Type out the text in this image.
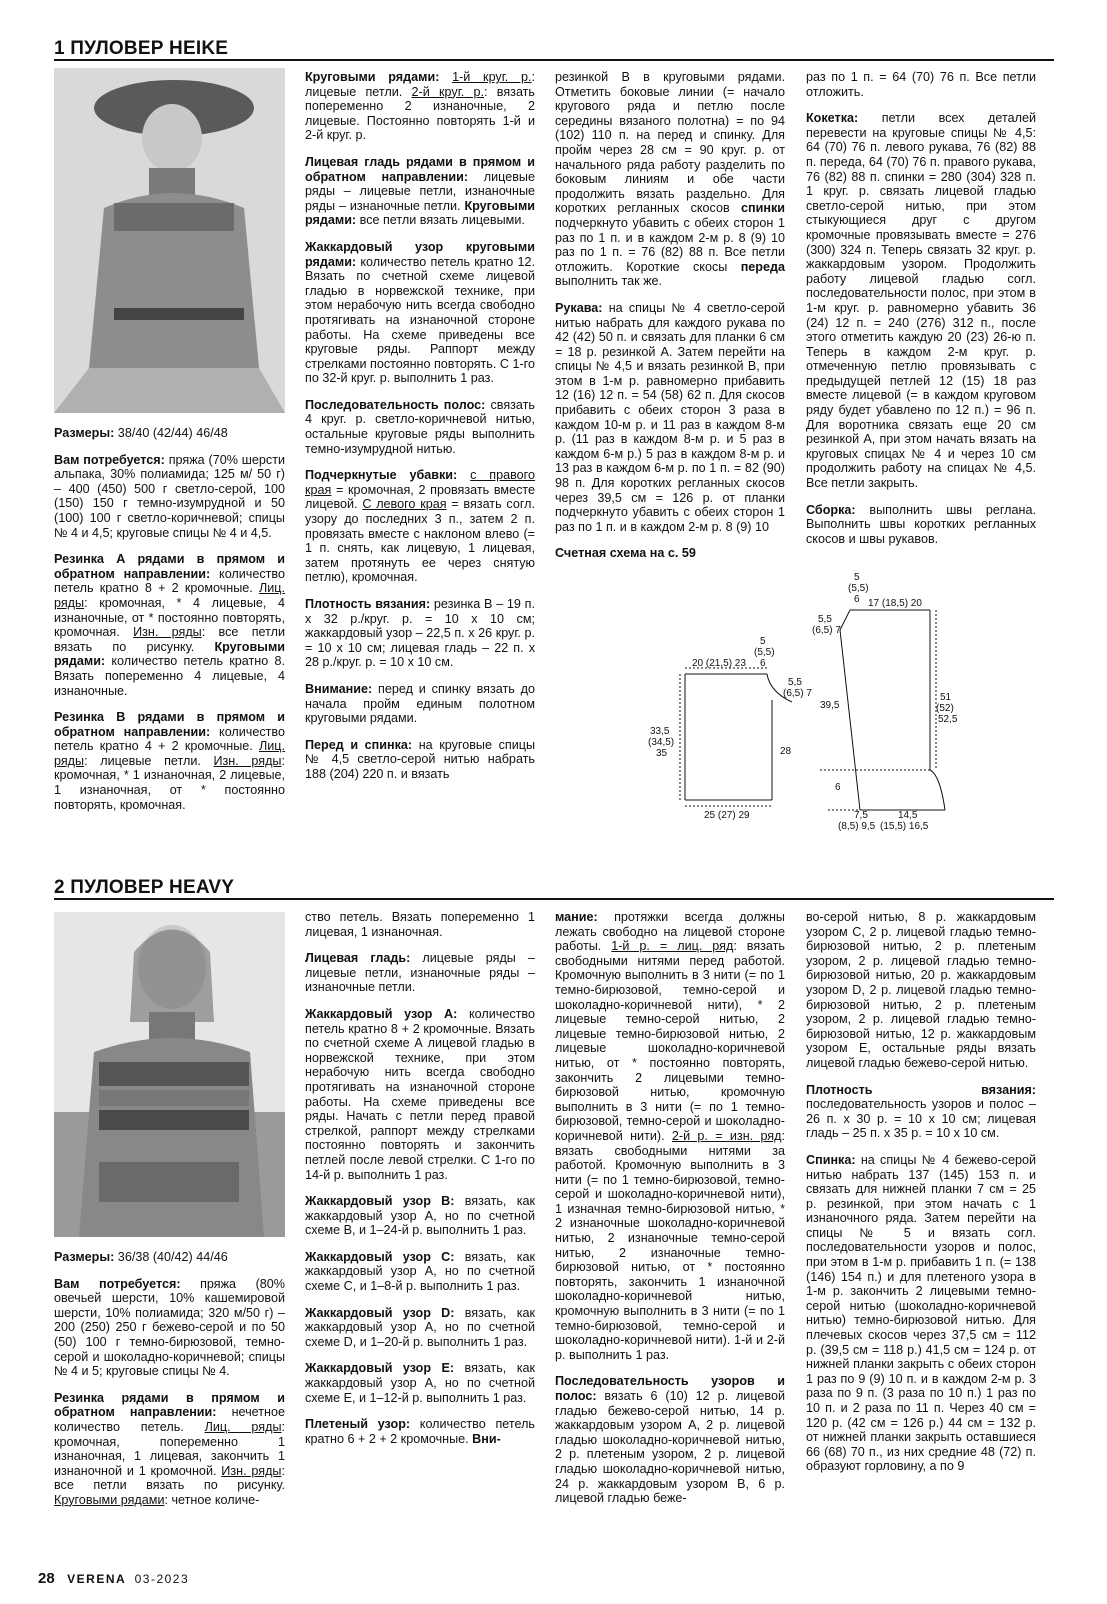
1 ПУЛОВЕР HEIKE

Размеры: 38/40 (42/44) 46/48

Вам потребуется: пряжа (70% шерсти альпака, 30% полиамида; 125 м/ 50 г) – 400 (450) 500 г светло-серой, 100 (150) 150 г темно-изумрудной и 50 (100) 100 г светло-коричневой; спицы № 4 и 4,5; круговые спицы № 4 и 4,5.

Резинка А рядами в прямом и обратном направлении: количество петель кратно 8 + 2 кромочные. Лиц. ряды: кромочная, * 4 лицевые, 4 изнаночные, от * постоянно повторять, кромочная. Изн. ряды: все петли вязать по рисунку. Круговыми рядами: количество петель кратно 8. Вязать попеременно 4 лицевые, 4 изнаночные.

Резинка В рядами в прямом и обратном направлении: количество петель кратно 4 + 2 кромочные. Лиц. ряды: лицевые петли. Изн. ряды: кромочная, * 1 изнаночная, 2 лицевые, 1 изнаночная, от * постоянно повторять, кромочная.

Круговыми рядами: 1-й круг. р.: лицевые петли. 2-й круг. р.: вязать попеременно 2 изнаночные, 2 лицевые. Постоянно повторять 1-й и 2-й круг. р.

Лицевая гладь рядами в прямом и обратном направлении: лицевые ряды – лицевые петли, изнаночные ряды – изнаночные петли. Круговыми рядами: все петли вязать лицевыми.

Жаккардовый узор круговыми рядами: количество петель кратно 12. Вязать по счетной схеме лицевой гладью в норвежской технике, при этом нерабочую нить всегда свободно протягивать на изнаночной стороне работы. На схеме приведены все круговые ряды. Раппорт между стрелками постоянно повторять. С 1-го по 32-й круг. р. выполнить 1 раз.

Последовательность полос: связать 4 круг. р. светло-коричневой нитью, остальные круговые ряды выполнить темно-изумрудной нитью.

Подчеркнутые убавки: с правого края = кромочная, 2 провязать вместе лицевой. С левого края = вязать согл. узору до последних 3 п., затем 2 п. провязать вместе с наклоном влево (= 1 п. снять, как лицевую, 1 лицевая, затем протянуть ее через снятую петлю), кромочная.

Плотность вязания: резинка В – 19 п. х 32 р./круг. р. = 10 х 10 см; жаккардовый узор – 22,5 п. х 26 круг. р. = 10 х 10 см; лицевая гладь – 22 п. х 28 р./круг. р. = 10 х 10 см.

Внимание: перед и спинку вязать до начала пройм единым полотном круговыми рядами.

Перед и спинка: на круговые спицы № 4,5 светло-серой нитью набрать 188 (204) 220 п. и вязать

резинкой В в круговыми рядами. Отметить боковые линии (= начало кругового ряда и петлю после середины вязаного полотна) = по 94 (102) 110 п. на перед и спинку. Для пройм через 28 см = 90 круг. р. от начального ряда работу разделить по боковым линиям и обе части продолжить вязать раздельно. Для коротких регланных скосов спинки подчеркнуто убавить с обеих сторон 1 раз по 1 п. и в каждом 2-м р. 8 (9) 10 раз по 1 п. = 76 (82) 88 п. Все петли отложить. Короткие скосы переда выполнить так же.

Рукава: на спицы № 4 светло-серой нитью набрать для каждого рукава по 42 (42) 50 п. и связать для планки 6 см = 18 р. резинкой А. Затем перейти на спицы № 4,5 и вязать резинкой В, при этом в 1-м р. равномерно прибавить 12 (16) 12 п. = 54 (58) 62 п. Для скосов прибавить с обеих сторон 3 раза в каждом 10-м р. и 11 раз в каждом 8-м р. (11 раз в каждом 8-м р. и 5 раз в каждом 6-м р.) 5 раз в каждом 8-м р. и 13 раз в каждом 6-м р. по 1 п. = 82 (90) 98 п. Для коротких регланных скосов через 39,5 см = 126 р. от планки подчеркнуто убавить с обеих сторон 1 раз по 1 п. и в каждом 2-м р. 8 (9) 10

Счетная схема на с. 59

раз по 1 п. = 64 (70) 76 п. Все петли отложить.

Кокетка: петли всех деталей перевести на круговые спицы № 4,5: 64 (70) 76 п. левого рукава, 76 (82) 88 п. переда, 64 (70) 76 п. правого рукава, 76 (82) 88 п. спинки = 280 (304) 328 п. 1 круг. р. связать лицевой гладью светло-серой нитью, при этом стыкующиеся друг с другом кромочные провязывать вместе = 276 (300) 324 п. Теперь связать 32 круг. р. жаккардовым узором. Продолжить работу лицевой гладью согл. последовательности полос, при этом в 1-м круг. р. равномерно убавить 36 (24) 12 п. = 240 (276) 312 п., после этого отметить каждую 20 (23) 26-ю п. Теперь в каждом 2-м круг. р. отмеченную петлю провязывать с предыдущей петлей 12 (15) 18 раз вместе лицевой (= в каждом круговом ряду будет убавлено по 12 п.) = 96 п. Для воротника связать еще 20 см резинкой А, при этом начать вязать на круговых спицах № 4 и через 10 см продолжить работу на спицах № 4,5. Все петли закрыть.

Сборка: выполнить швы реглана. Выполнить швы коротких регланных скосов и швы рукавов.

20 (21,5) 23
5
(5,5)
6
5,5
(6,5) 7
33,5
(34,5)
35	28
25 (27) 29
5
(5,5)
6 17 (18,5) 20
5,5
(6,5) 7
39,5
51
(52)
52,5
6
7,5
(8,5) 9,5
14,5
(15,5) 16,5
2 ПУЛОВЕР HEAVY

Размеры: 36/38 (40/42) 44/46

Вам потребуется: пряжа (80% овечьей шерсти, 10% кашемировой шерсти, 10% полиамида; 320 м/50 г) – 200 (250) 250 г бежево-серой и по 50 (50) 100 г темно-бирюзовой, темно-серой и шоколадно-коричневой; спицы № 4 и 5; круговые спицы № 4.

Резинка рядами в прямом и обратном направлении: нечетное количество петель. Лиц. ряды: кромочная, попеременно 1 изнаночная, 1 лицевая, закончить 1 изнаночной и 1 кромочной. Изн. ряды: все петли вязать по рисунку. Круговыми рядами: четное количе-

ство петель. Вязать попеременно 1 лицевая, 1 изнаночная.

Лицевая гладь: лицевые ряды – лицевые петли, изнаночные ряды – изнаночные петли.

Жаккардовый узор А: количество петель кратно 8 + 2 кромочные. Вязать по счетной схеме А лицевой гладью в норвежской технике, при этом нерабочую нить всегда свободно протягивать на изнаночной стороне работы. На схеме приведены все ряды. Начать с петли перед правой стрелкой, раппорт между стрелками постоянно повторять и закончить петлей после левой стрелки. С 1-го по 14-й р. выполнить 1 раз.

Жаккардовый узор В: вязать, как жаккардовый узор А, но по счетной схеме В, и 1–24-й р. выполнить 1 раз.

Жаккардовый узор С: вязать, как жаккардовый узор А, но по счетной схеме С, и 1–8-й р. выполнить 1 раз.

Жаккардовый узор D: вязать, как жаккардовый узор А, но по счетной схеме D, и 1–20-й р. выполнить 1 раз.

Жаккардовый узор Е: вязать, как жаккардовый узор А, но по счетной схеме Е, и 1–12-й р. выполнить 1 раз.

Плетеный узор: количество петель кратно 6 + 2 + 2 кромочные. Вни-

мание: протяжки всегда должны лежать свободно на лицевой стороне работы. 1-й р. = лиц. ряд: вязать свободными нитями перед работой. Кромочную выполнить в 3 нити (= по 1 темно-бирюзовой, темно-серой и шоколадно-коричневой нити), * 2 лицевые темно-серой нитью, 2 лицевые темно-бирюзовой нитью, 2 лицевые шоколадно-коричневой нитью, от * постоянно повторять, закончить 2 лицевыми темно-бирюзовой нитью, кромочную выполнить в 3 нити (= по 1 темно-бирюзовой, темно-серой и шоколадно-коричневой нити). 2-й р. = изн. ряд: вязать свободными нитями за работой. Кромочную выполнить в 3 нити (= по 1 темно-бирюзовой, темно-серой и шоколадно-коричневой нити), 1 изначная темно-бирюзовой нитью, * 2 изнаночные шоколадно-коричневой нитью, 2 изнаночные темно-серой нитью, 2 изнаночные темно-бирюзовой нитью, от * постоянно повторять, закончить 1 изнаночной шоколадно-коричневой нитью, кромочную выполнить в 3 нити (= по 1 темно-бирюзовой, темно-серой и шоколадно-коричневой нити). 1-й и 2-й р. выполнить 1 раз.

Последовательность узоров и полос: вязать 6 (10) 12 р. лицевой гладью бежево-серой нитью, 14 р. жаккардовым узором А, 2 р. лицевой гладью шоколадно-коричневой нитью, 2 р. плетеным узором, 2 р. лицевой гладью шоколадно-коричневой нитью, 24 р. жаккардовым узором В, 6 р. лицевой гладью беже-

во-серой нитью, 8 р. жаккардовым узором С, 2 р. лицевой гладью темно-бирюзовой нитью, 2 р. плетеным узором, 2 р. лицевой гладью темно-бирюзовой нитью, 20 р. жаккардовым узором D, 2 р. лицевой гладью темно-бирюзовой нитью, 2 р. плетеным узором, 2 р. лицевой гладью темно-бирюзовой нитью, 12 р. жаккардовым узором Е, остальные ряды вязать лицевой гладью бежево-серой нитью.

Плотность вязания: последовательность узоров и полос – 26 п. х 30 р. = 10 х 10 см; лицевая гладь – 25 п. х 35 р. = 10 х 10 см.

Спинка: на спицы № 4 бежево-серой нитью набрать 137 (145) 153 п. и связать для нижней планки 7 см = 25 р. резинкой, при этом начать с 1 изнаночного ряда. Затем перейти на спицы № 5 и вязать согл. последовательности узоров и полос, при этом в 1-м р. прибавить 1 п. (= 138 (146) 154 п.) и для плетеного узора в 1-м р. закончить 2 лицевыми темно-серой нитью (шоколадно-коричневой нитью) темно-бирюзовой нитью. Для плечевых скосов через 37,5 см = 112 р. (39,5 см = 118 р.) 41,5 см = 124 р. от нижней планки закрыть с обеих сторон 1 раз по 9 (9) 10 п. и в каждом 2-м р. 3 раза по 9 п. (3 раза по 10 п.) 1 раз по 10 п. и 2 раза по 11 п. Через 40 см = 120 р. (42 см = 126 р.) 44 см = 132 р. от нижней планки закрыть оставшиеся 66 (68) 70 п., из них средние 48 (72) п. образуют горловину, а по 9

28 VERENA 03-2023
